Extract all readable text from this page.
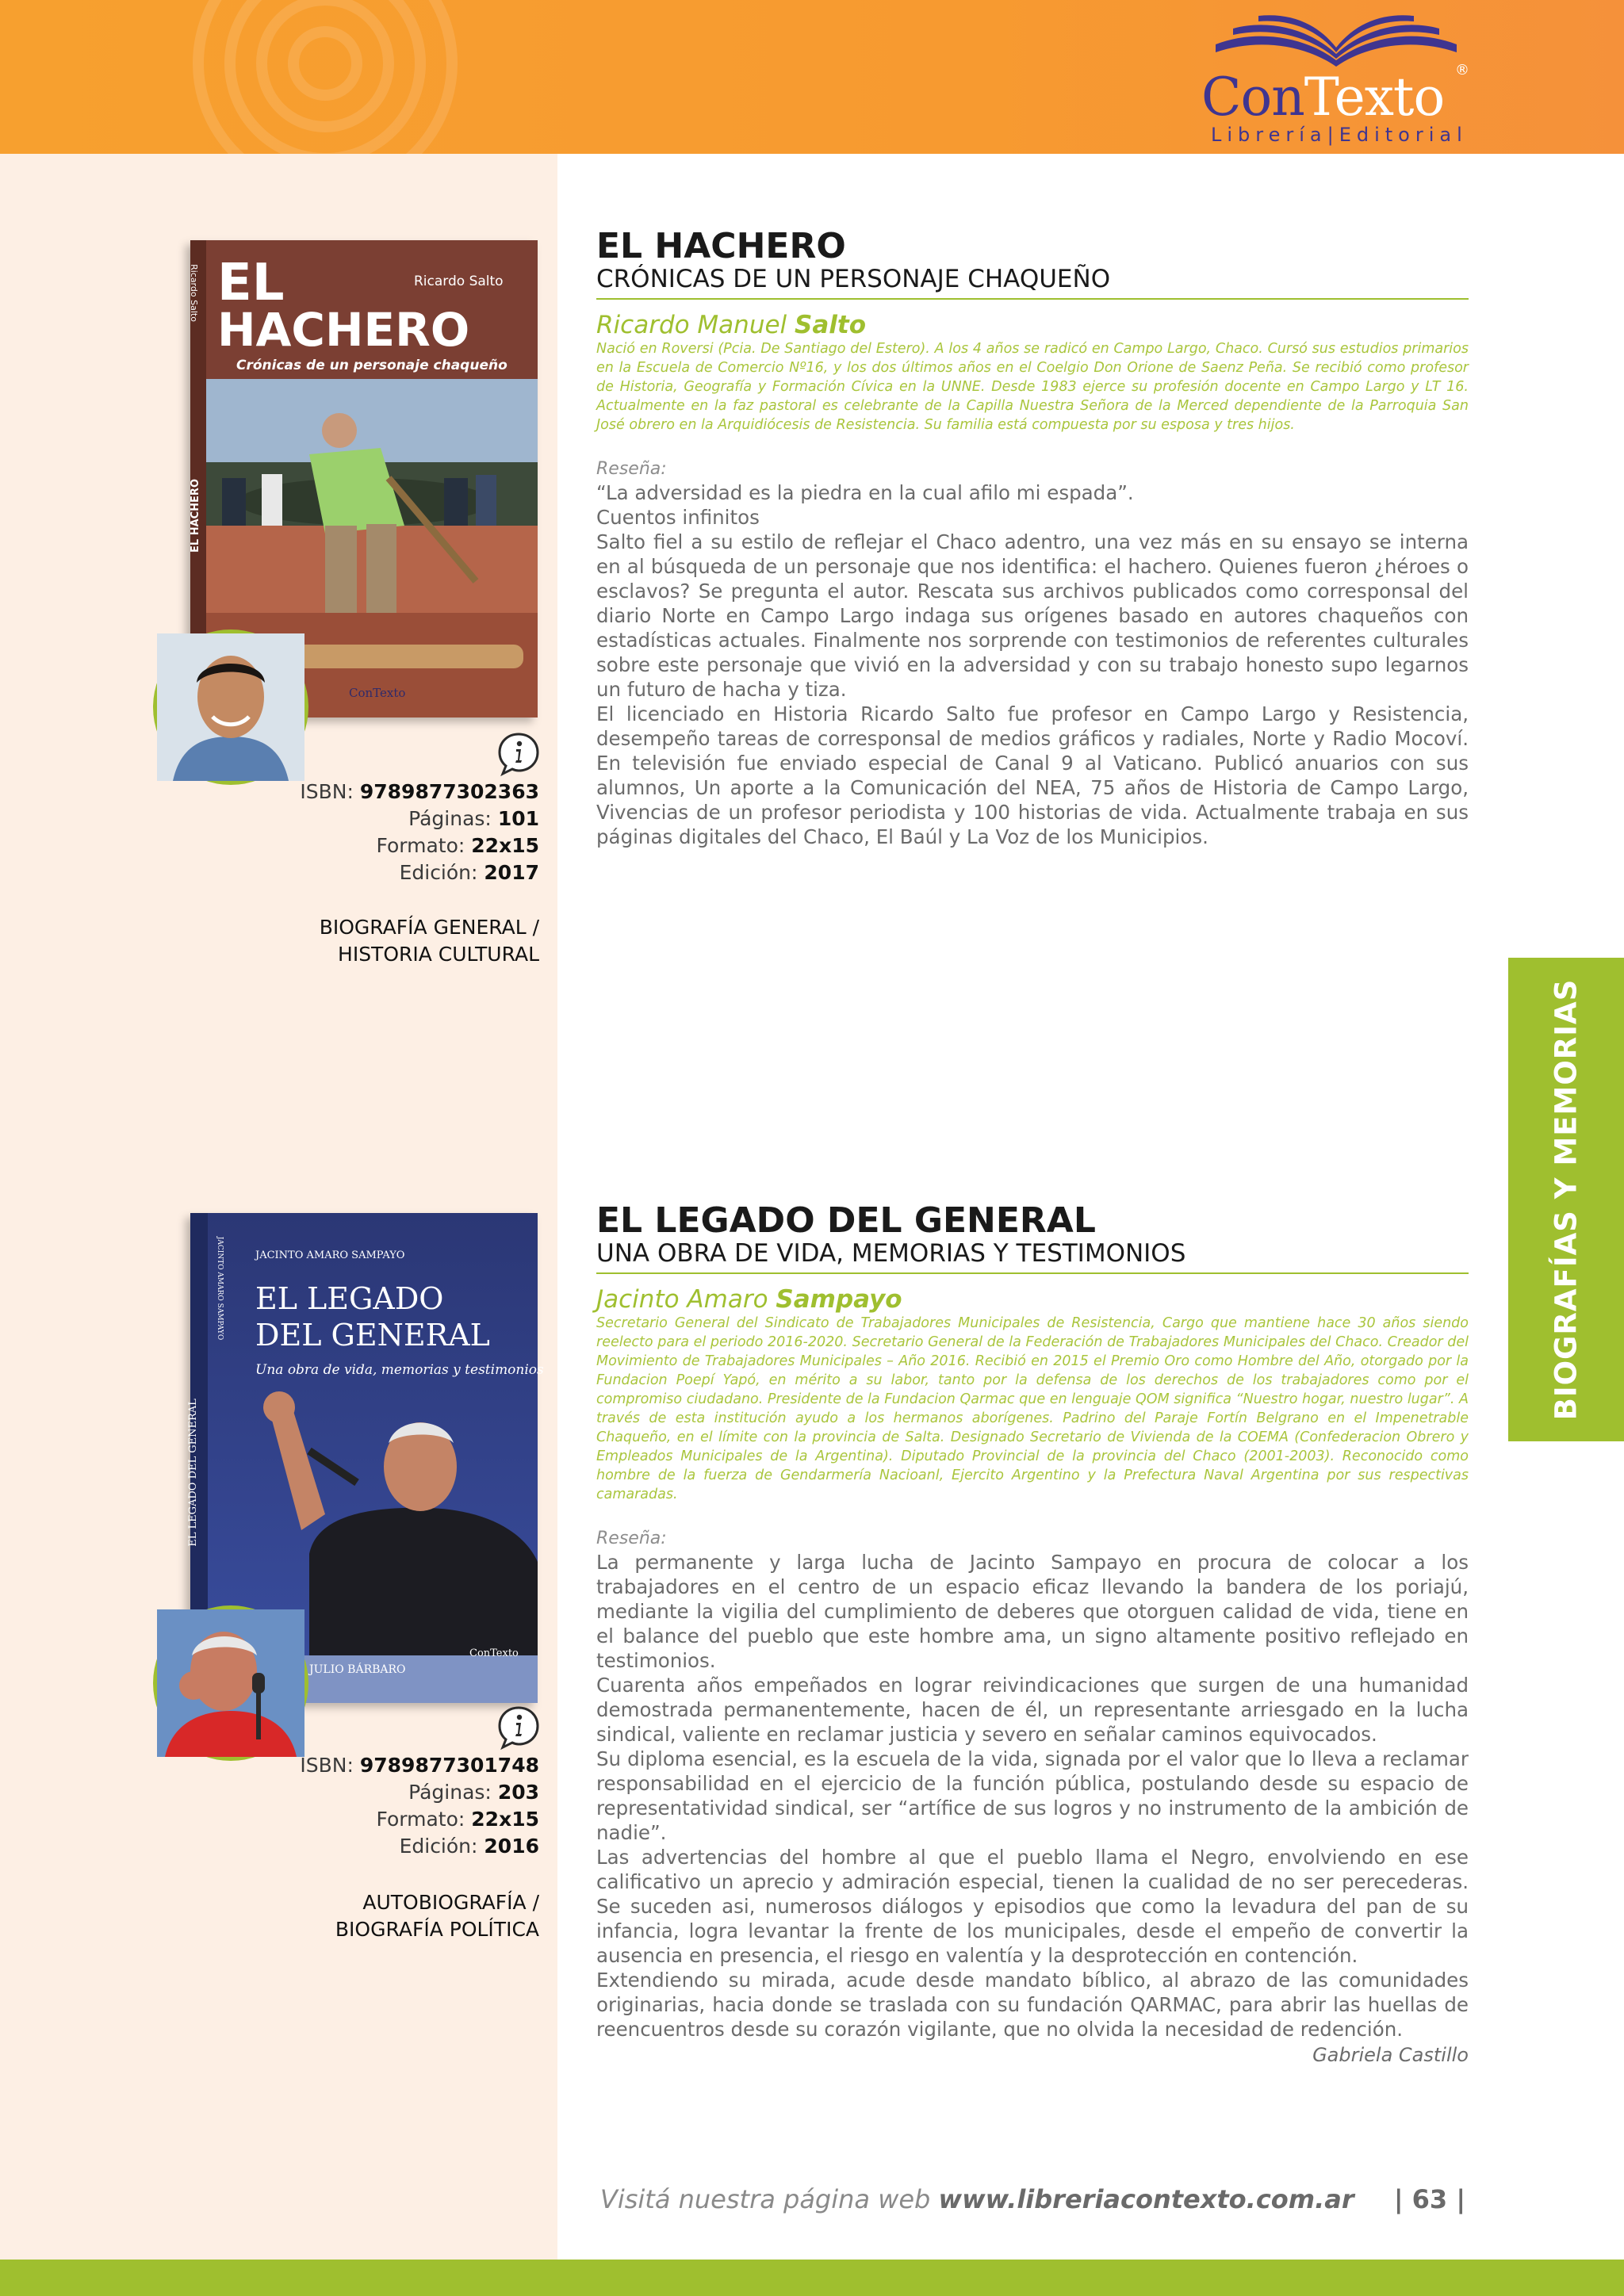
ConTexto ®
Librería|Editorial
BIOGRAFÍAS Y MEMORIAS
Ricardo Salto
EL
HACHERO
Crónicas de un personaje chaqueño
Ricardo Salto
EL HACHERO
ConTexto
ISBN: 9789877302363
Páginas: 101
Formato: 22x15
Edición: 2017
BIOGRAFÍA GENERAL /
HISTORIA CULTURAL
EL HACHERO
CRÓNICAS DE UN PERSONAJE CHAQUEÑO
Ricardo Manuel Salto
Nació en Roversi (Pcia. De Santiago del Estero). A los 4 años se radicó en Campo Largo, Chaco. Cursó sus estudios primarios en la Escuela de Comercio Nº16, y los dos últimos años en el Coelgio Don Orione de Saenz Peña. Se recibió como profesor de Historia, Geografía y Formación Cívica en la UNNE. Desde 1983 ejerce su profesión docente en Campo Largo y LT 16. Actualmente en la faz pastoral es celebrante de la Capilla Nuestra Señora de la Merced dependiente de la Parroquia San José obrero en la Arquidiócesis de Resistencia. Su familia está compuesta por su esposa y tres hijos.
Reseña:

“La adversidad es la piedra en la cual afilo mi espada”.

Cuentos infinitos

Salto fiel a su estilo de reflejar el Chaco adentro, una vez más en su ensayo se interna en al búsqueda de un personaje que nos identifica: el hachero. Quienes fueron ¿héroes o esclavos? Se pregunta el autor. Rescata sus archivos publicados como corresponsal del diario Norte en Campo Largo indaga sus orígenes basado en autores chaqueños con estadísticas actuales. Finalmente nos sorprende con testimonios de referentes culturales sobre este personaje que vivió en la adversidad y con su trabajo honesto supo legarnos un futuro de hacha y tiza.

El licenciado en Historia Ricardo Salto fue profesor en Campo Largo y Resistencia, desempeño tareas de corresponsal de medios gráficos y radiales, Norte y Radio Mocoví. En televisión fue enviado especial de Canal 9 al Vaticano. Publicó anuarios con sus alumnos, Un aporte a la Comunicación del NEA, 75 años de Historia de Campo Largo, Vivencias de un profesor periodista y 100 historias de vida. Actualmente trabaja en sus páginas digitales del Chaco, El Baúl y La Voz de los Municipios.

JACINTO AMARO SAMPAYO
EL LEGADO
DEL GENERAL
Una obra de vida, memorias y testimonios
EL LEGADO DEL GENERAL
JACINTO AMARO SAMPAYO
JULIO BÁRBARO
ConTexto
ISBN: 9789877301748
Páginas: 203
Formato: 22x15
Edición: 2016
AUTOBIOGRAFÍA /
BIOGRAFÍA POLÍTICA
EL LEGADO DEL GENERAL
UNA OBRA DE VIDA, MEMORIAS Y TESTIMONIOS
Jacinto Amaro Sampayo
Secretario General del Sindicato de Trabajadores Municipales de Resistencia, Cargo que mantiene hace 30 años siendo reelecto para el periodo 2016-2020. Secretario General de la Federación de Trabajadores Municipales del Chaco. Creador del Movimiento de Trabajadores Municipales – Año 2016. Recibió en 2015 el Premio Oro como Hombre del Año, otorgado por la Fundacion Poepí Yapó, en mérito a su labor, tanto por la defensa de los derechos de los trabajadores como por el compromiso ciudadano. Presidente de la Fundacion Qarmac que en lenguaje QOM significa “Nuestro hogar, nuestro lugar”. A través de esta institución ayudo a los hermanos aborígenes. Padrino del Paraje Fortín Belgrano en el Impenetrable Chaqueño, en el límite con la provincia de Salta. Designado Secretario de Vivienda de la COEMA (Confederacion Obrero y Empleados Municipales de la Argentina). Diputado Provincial de la provincia del Chaco (2001-2003). Reconocido como hombre de la fuerza de Gendarmería Nacioanl, Ejercito Argentino y la Prefectura Naval Argentina por sus respectivas camaradas.
Reseña:

La permanente y larga lucha de Jacinto Sampayo en procura de colocar a los trabajadores en el centro de un espacio eficaz llevando la bandera de los poriajú, mediante la vigilia del cumplimiento de deberes que otorguen calidad de vida, tiene en el balance del pueblo que este hombre ama, un signo altamente positivo reflejado en testimonios.

Cuarenta años empeñados en lograr reivindicaciones que surgen de una humanidad demostrada permanentemente, hacen de él, un representante arriesgado en la lucha sindical, valiente en reclamar justicia y severo en señalar caminos equivocados.

Su diploma esencial, es la escuela de la vida, signada por el valor que lo lleva a reclamar responsabilidad en el ejercicio de la función pública, postulando desde su espacio de representatividad sindical, ser “artífice de sus logros y no instrumento de la ambición de nadie”.

Las advertencias del hombre al que el pueblo llama el Negro, envolviendo en ese calificativo un aprecio y admiración especial, tienen la cualidad de no ser perecederas. Se suceden asi, numerosos diálogos y episodios que como la levadura del pan de su infancia, logra levantar la frente de los municipales, desde el empeño de convertir la ausencia en presencia, el riesgo en valentía y la desprotección en contención.

Extendiendo su mirada, acude desde mandato bíblico, al abrazo de las comunidades originarias, hacia donde se traslada con su fundación QARMAC, para abrir las huellas de reencuentros desde su corazón vigilante, que no olvida la necesidad de redención.

Gabriela Castillo
Visitá nuestra página web www.libreriacontexto.com.ar | 63 |
